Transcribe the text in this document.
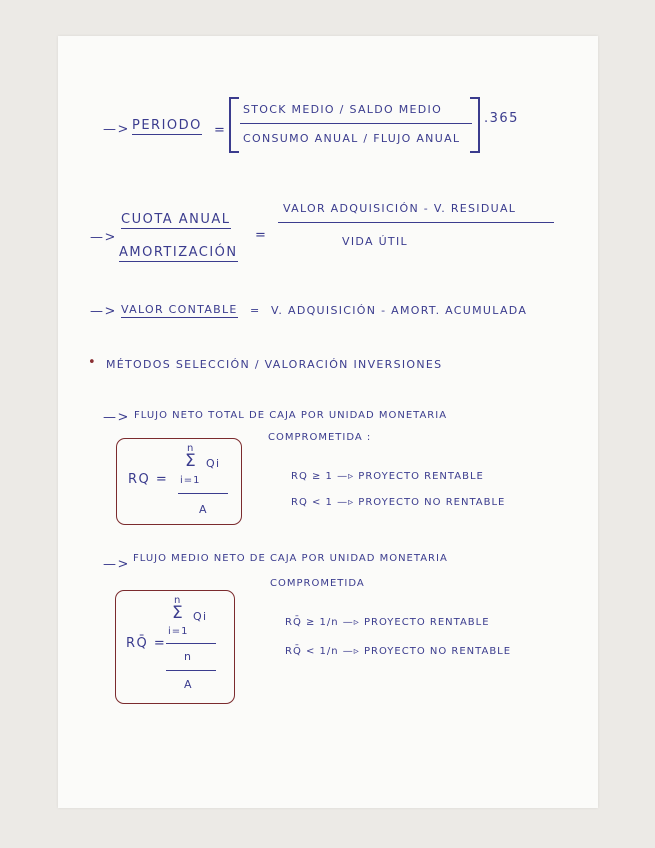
—> PERIODO =
STOCK MEDIO / SALDO MEDIO
CONSUMO ANUAL / FLUJO ANUAL
.365
—>
CUOTA ANUAL
AMORTIZACIÓN
=
VALOR ADQUISICIÓN - V. RESIDUAL
VIDA ÚTIL
—> VALOR CONTABLE = V. ADQUISICIÓN - AMORT. ACUMULADA
• MÉTODOS SELECCIÓN / VALORACIÓN INVERSIONES
—> FLUJO NETO TOTAL DE CAJA POR UNIDAD MONETARIA
COMPROMETIDA :
RQ =
n
Σ Qi
i=1
A
RQ ≥ 1 —▹ PROYECTO RENTABLE
RQ < 1 —▹ PROYECTO NO RENTABLE
—> FLUJO MEDIO NETO DE CAJA POR UNIDAD MONETARIA
COMPROMETIDA
RQ̄ =
n
Σ Qi
i=1
n
A
RQ̄ ≥ 1/n —▹ PROYECTO RENTABLE
RQ̄ < 1/n —▹ PROYECTO NO RENTABLE
